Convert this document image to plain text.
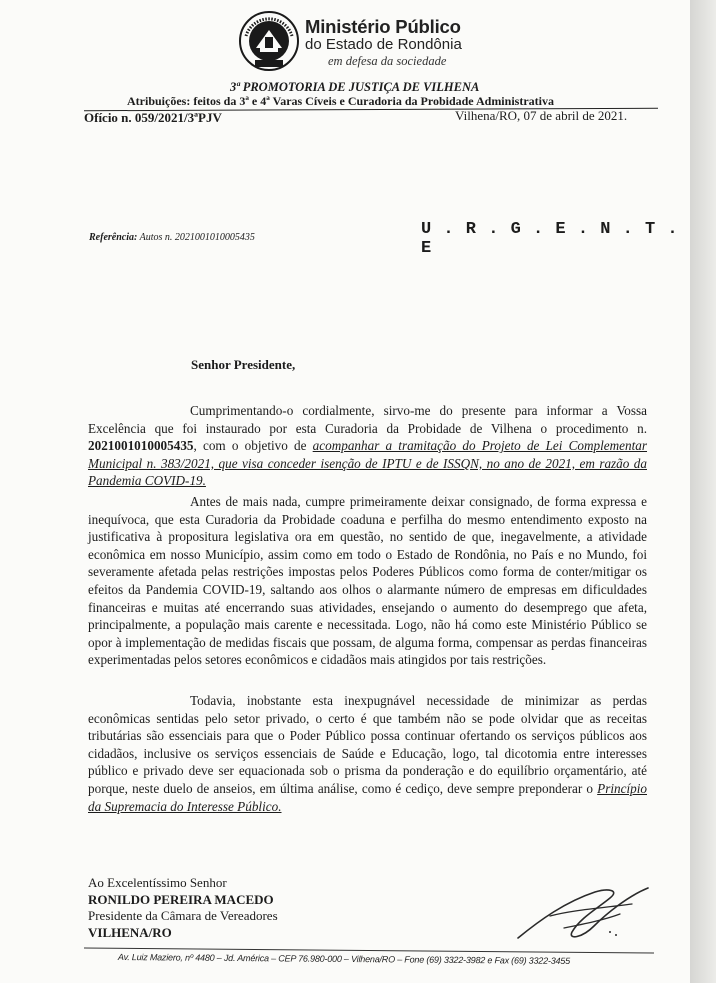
Ministério Público
do Estado de Rondônia
em defesa da sociedade
3ª PROMOTORIA DE JUSTIÇA DE VILHENA
Atribuições: feitos da 3ª e 4ª Varas Cíveis e Curadoria da Probidade Administrativa
Ofício n. 059/2021/3ªPJV	Vilhena/RO, 07 de abril de 2021.
Referência: Autos n. 2021001010005435	U . R . G . E . N . T . E
Senhor Presidente,

Cumprimentando-o cordialmente, sirvo-me do presente para informar a Vossa Excelência que foi instaurado por esta Curadoria da Probidade de Vilhena o procedimento n. 2021001010005435, com o objetivo de acompanhar a tramitação do Projeto de Lei Complementar Municipal n. 383/2021, que visa conceder isenção de IPTU e de ISSQN, no ano de 2021, em razão da Pandemia COVID-19.

Antes de mais nada, cumpre primeiramente deixar consignado, de forma expressa e inequívoca, que esta Curadoria da Probidade coaduna e perfilha do mesmo entendimento exposto na justificativa à propositura legislativa ora em questão, no sentido de que, inegavelmente, a atividade econômica em nosso Município, assim como em todo o Estado de Rondônia, no País e no Mundo, foi severamente afetada pelas restrições impostas pelos Poderes Públicos como forma de conter/mitigar os efeitos da Pandemia COVID-19, saltando aos olhos o alarmante número de empresas em dificuldades financeiras e muitas até encerrando suas atividades, ensejando o aumento do desemprego que afeta, principalmente, a população mais carente e necessitada. Logo, não há como este Ministério Público se opor à implementação de medidas fiscais que possam, de alguma forma, compensar as perdas financeiras experimentadas pelos setores econômicos e cidadãos mais atingidos por tais restrições.

Todavia, inobstante esta inexpugnável necessidade de minimizar as perdas econômicas sentidas pelo setor privado, o certo é que também não se pode olvidar que as receitas tributárias são essenciais para que o Poder Público possa continuar ofertando os serviços públicos aos cidadãos, inclusive os serviços essenciais de Saúde e Educação, logo, tal dicotomia entre interesses público e privado deve ser equacionada sob o prisma da ponderação e do equilíbrio orçamentário, até porque, neste duelo de anseios, em última análise, como é cediço, deve sempre preponderar o Princípio da Supremacia do Interesse Público.

Ao Excelentíssimo Senhor
RONILDO PEREIRA MACEDO
Presidente da Câmara de Vereadores
VILHENA/RO
Av. Luiz Maziero, nº 4480 – Jd. América – CEP 76.980-000 – Vilhena/RO – Fone (69) 3322-3982 e Fax (69) 3322-3455
